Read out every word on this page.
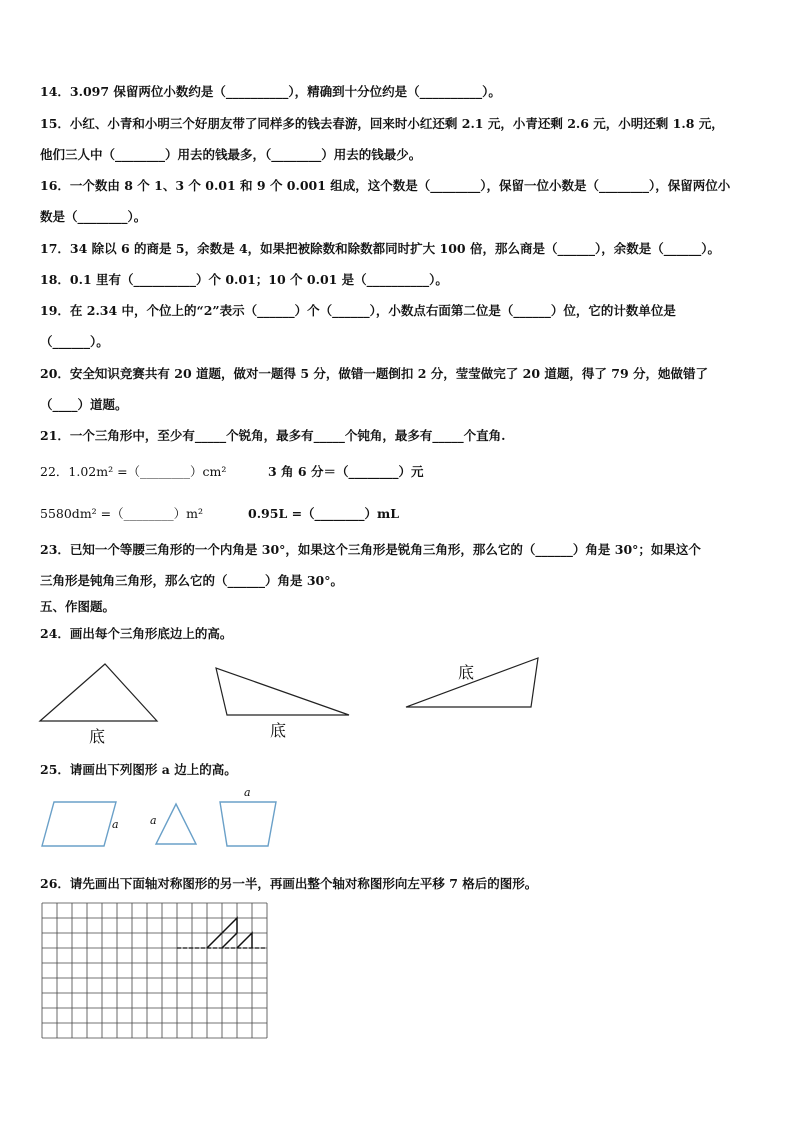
14．3.097 保留两位小数约是（__________），精确到十分位约是（__________）。
15．小红、小青和小明三个好朋友带了同样多的钱去春游，回来时小红还剩 2.1 元，小青还剩 2.6 元，小明还剩 1.8 元，
他们三人中（________）用去的钱最多，（________）用去的钱最少。
16．一个数由 8 个 1、3 个 0.01 和 9 个 0.001 组成，这个数是（________），保留一位小数是（________），保留两位小
数是（________）。
17．34 除以 6 的商是 5，余数是 4，如果把被除数和除数都同时扩大 100 倍，那么商是（______），余数是（______）。
18．0.1 里有（__________）个 0.01；10 个 0.01 是（__________）。
19．在 2.34 中，个位上的“2”表示（______）个（______），小数点右面第二位是（______）位，它的计数单位是
（______）。
20．安全知识竞赛共有 20 道题，做对一题得 5 分，做错一题倒扣 2 分，莹莹做完了 20 道题，得了 79 分，她做错了
（____）道题。
21．一个三角形中，至少有_____个锐角，最多有_____个钝角，最多有_____个直角.
22．1.02m² =（________）cm²	3 角 6 分＝（________）元
5580dm² =（________）m²	0.95L =（________）mL
23．已知一个等腰三角形的一个内角是 30°，如果这个三角形是锐角三角形，那么它的（______）角是 30°；如果这个
三角形是钝角三角形，那么它的（______）角是 30°。
五、作图题。
24．画出每个三角形底边上的高。
底	底
底
25．请画出下列图形 a 边上的高。
a	a
a
26．请先画出下面轴对称图形的另一半，再画出整个轴对称图形向左平移 7 格后的图形。
